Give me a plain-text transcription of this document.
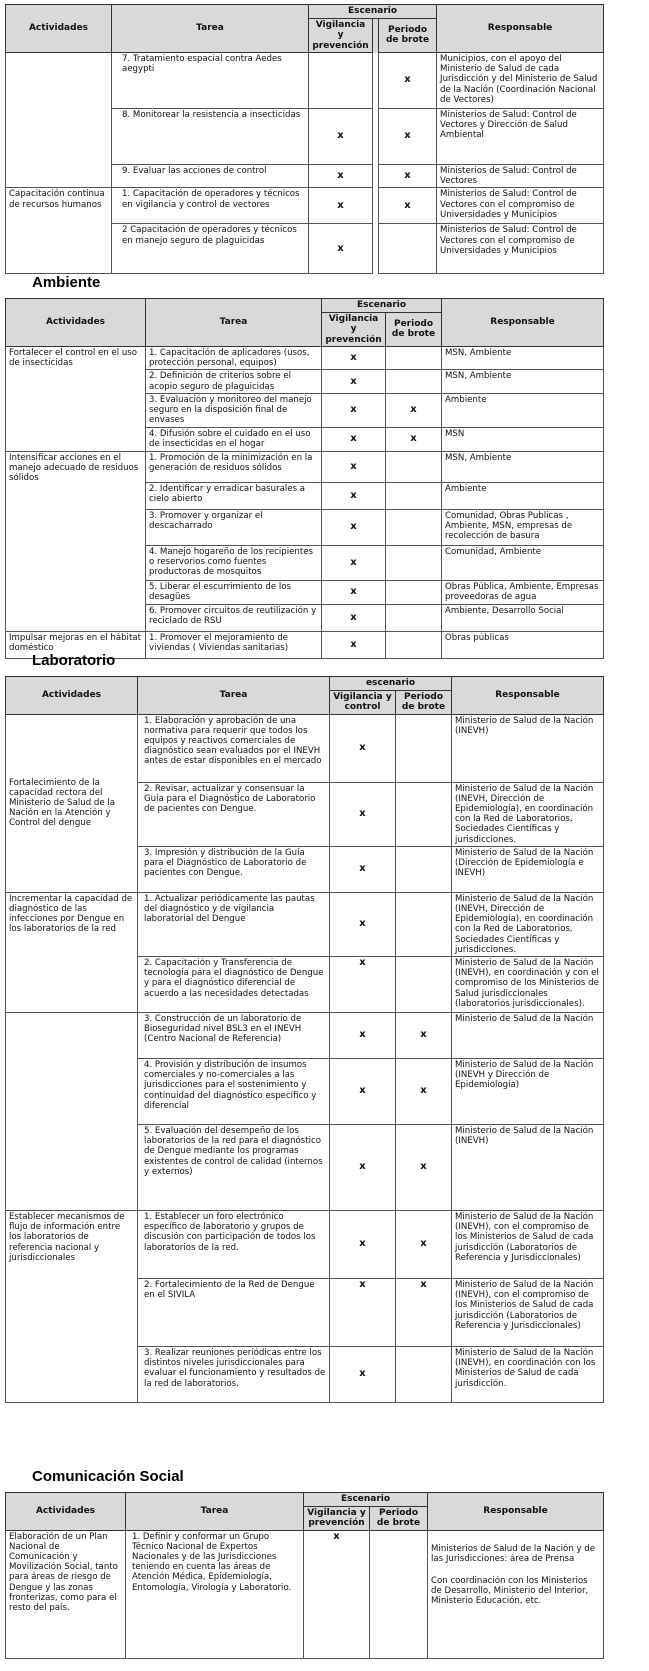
Actividades	Tarea	Escenario			Responsable
		Vigilancia y prevención		Periodo de brote	
	7. Tratamiento espacial contra Aedes aegypti			x	Municipios, con el apoyo del Ministerio de Salud de cada Jurisdicción y del Ministerio de Salud de la Nación (Coordinación Nacional de Vectores)
	8. Monitorear la resistencia a insecticidas	x		x	Ministerios de Salud: Control de Vectores y Dirección de Salud Ambiental
	9. Evaluar las acciones de control	x		x	Ministerios de Salud: Control de Vectores
Capacitación continua de recursos humanos	1. Capacitación de operadores y técnicos en vigilancia y control de vectores	x		x	Ministerios de Salud: Control de Vectores con el compromiso de Universidades y Municipios
	2 Capacitación de operadores y técnicos en manejo seguro de plaguicidas	x			Ministerios de Salud: Control de Vectores con el compromiso de Universidades y Municipios
Ambiente
Actividades	Tarea	Escenario		Responsable
		Vigilancia y prevención	Periodo de brote	
Fortalecer el control en el uso de insecticidas	1. Capacitación de aplicadores (usos, protección personal, equipos)	x		MSN, Ambiente
	2. Definición de criterios sobre el acopio seguro de plaguicidas	x		MSN, Ambiente
	3. Evaluación y monitoreo del manejo seguro en la disposición final de envases	x	x	Ambiente
	4. Difusión sobre el cuidado en el uso de insecticidas en el hogar	x	x	MSN
Intensificar acciones en el manejo adecuado de residuos sólidos	1. Promoción de la minimización en la generación de residuos sólidos	x		MSN, Ambiente
	2. Identificar y erradicar basurales a cielo abierto	x		Ambiente
	3. Promover y organizar el descacharrado	x		Comunidad, Obras Publicas , Ambiente, MSN, empresas de recolección de basura
	4. Manejo hogareño de los recipientes o reservorios como fuentes productoras de mosquitos	x		Comunidad, Ambiente
	5. Liberar el escurrimiento de los desagües	x		Obras Pública, Ambiente, Empresas proveedoras de agua
	6. Promover circuitos de reutilización y reciclado de RSU	x		Ambiente, Desarrollo Social
Impulsar mejoras en el hábitat doméstico	1. Promover el mejoramiento de viviendas ( Viviendas sanitarias)	x		Obras públicas
Laboratorio
Actividades	Tarea	escenario		Responsable
		Vigilancia y control	Periodo de brote	
Fortalecimiento de la capacidad rectora del Ministerio de Salud de la Nación en la Atención y Control del dengue	1. Elaboración y aprobación de una normativa para requerir que todos los equipos y reactivos comerciales de diagnóstico sean evaluados por el INEVH antes de estar disponibles en el mercado	x		Ministerio de Salud de la Nación (INEVH)
	2. Revisar, actualizar y consensuar la Guía para el Diagnóstico de Laboratorio de pacientes con Dengue.	x		Ministerio de Salud de la Nación (INEVH, Dirección de Epidemiología), en coordinación con la Red de Laboratorios, Sociedades Científicas y jurisdicciones.
	3. Impresión y distribución de la Guía para el Diagnóstico de Laboratorio de pacientes con Dengue.	x		Ministerio de Salud de la Nación (Dirección de Epidemiología e INEVH)
Incrementar la capacidad de diagnóstico de las infecciones por Dengue en los laboratorios de la red	1. Actualizar periódicamente las pautas del diagnóstico y de vigilancia laboratorial del Dengue	x		Ministerio de Salud de la Nación (INEVH, Dirección de Epidemiología), en coordinación con la Red de Laboratorios, Sociedades Científicas y jurisdicciones.
	2. Capacitación y Transferencia de tecnología para el diagnóstico de Dengue y para el diagnóstico diferencial de acuerdo a las necesidades detectadas	x		Ministerio de Salud de la Nación (INEVH), en coordinación y con el compromiso de los Ministerios de Salud jurisdiccionales (laboratorios jurisdiccionales).
	3. Construcción de un laboratorio de Bioseguridad nivel BSL3 en el INEVH (Centro Nacional de Referencia)	x	x	Ministerio de Salud de la Nación
	4. Provisión y distribución de insumos comerciales y no-comerciales a las jurisdicciones para el sostenimiento y continuidad del diagnóstico específico y diferencial	x	x	Ministerio de Salud de la Nación (INEVH y Dirección de Epidemiología)
	5. Evaluación del desempeño de los laboratorios de la red para el diagnóstico de Dengue mediante los programas existentes de control de calidad (internos y externos)	x	x	Ministerio de Salud de la Nación (INEVH)
Establecer mecanismos de flujo de información entre los laboratorios de referencia nacional y jurisdiccionales	1. Establecer un foro electrónico específico de laboratorio y grupos de discusión con participación de todos los laboratorios de la red.	x	x	Ministerio de Salud de la Nación (INEVH), con el compromiso de los Ministerios de Salud de cada jurisdicción (Laboratorios de Referencia y Jurisdiccionales)
	2. Fortalecimiento de la Red de Dengue en el SIVILA	x	x	Ministerio de Salud de la Nación (INEVH), con el compromiso de los Ministerios de Salud de cada jurisdicción (Laboratorios de Referencia y Jurisdiccionales)
	3. Realizar reuniones periódicas entre los distintos niveles jurisdiccionales para evaluar el funcionamiento y resultados de la red de laboratorios.	x		Ministerio de Salud de la Nación (INEVH), en coordinación con los Ministerios de Salud de cada jurisdicción.
Comunicación Social
Actividades	Tarea	Escenario		Responsable
		Vigilancia y prevención	Periodo de brote	
Elaboración de un Plan Nacional de Comunicación y Movilización Social, tanto para áreas de riesgo de Dengue y las zonas fronterizas, como para el resto del país.	1. Definir y conformar un Grupo Técnico Nacional de Expertos Nacionales y de las Jurisdicciones teniendo en cuenta las áreas de Atención Médica, Epidemiología, Entomología, Virología y Laboratorio.	x		Ministerios de Salud de la Nación y de las Jurisdicciones: área de Prensa
Con coordinación con los Ministerios de Desarrollo, Ministerio del Interior, Ministerio Educación, etc.
